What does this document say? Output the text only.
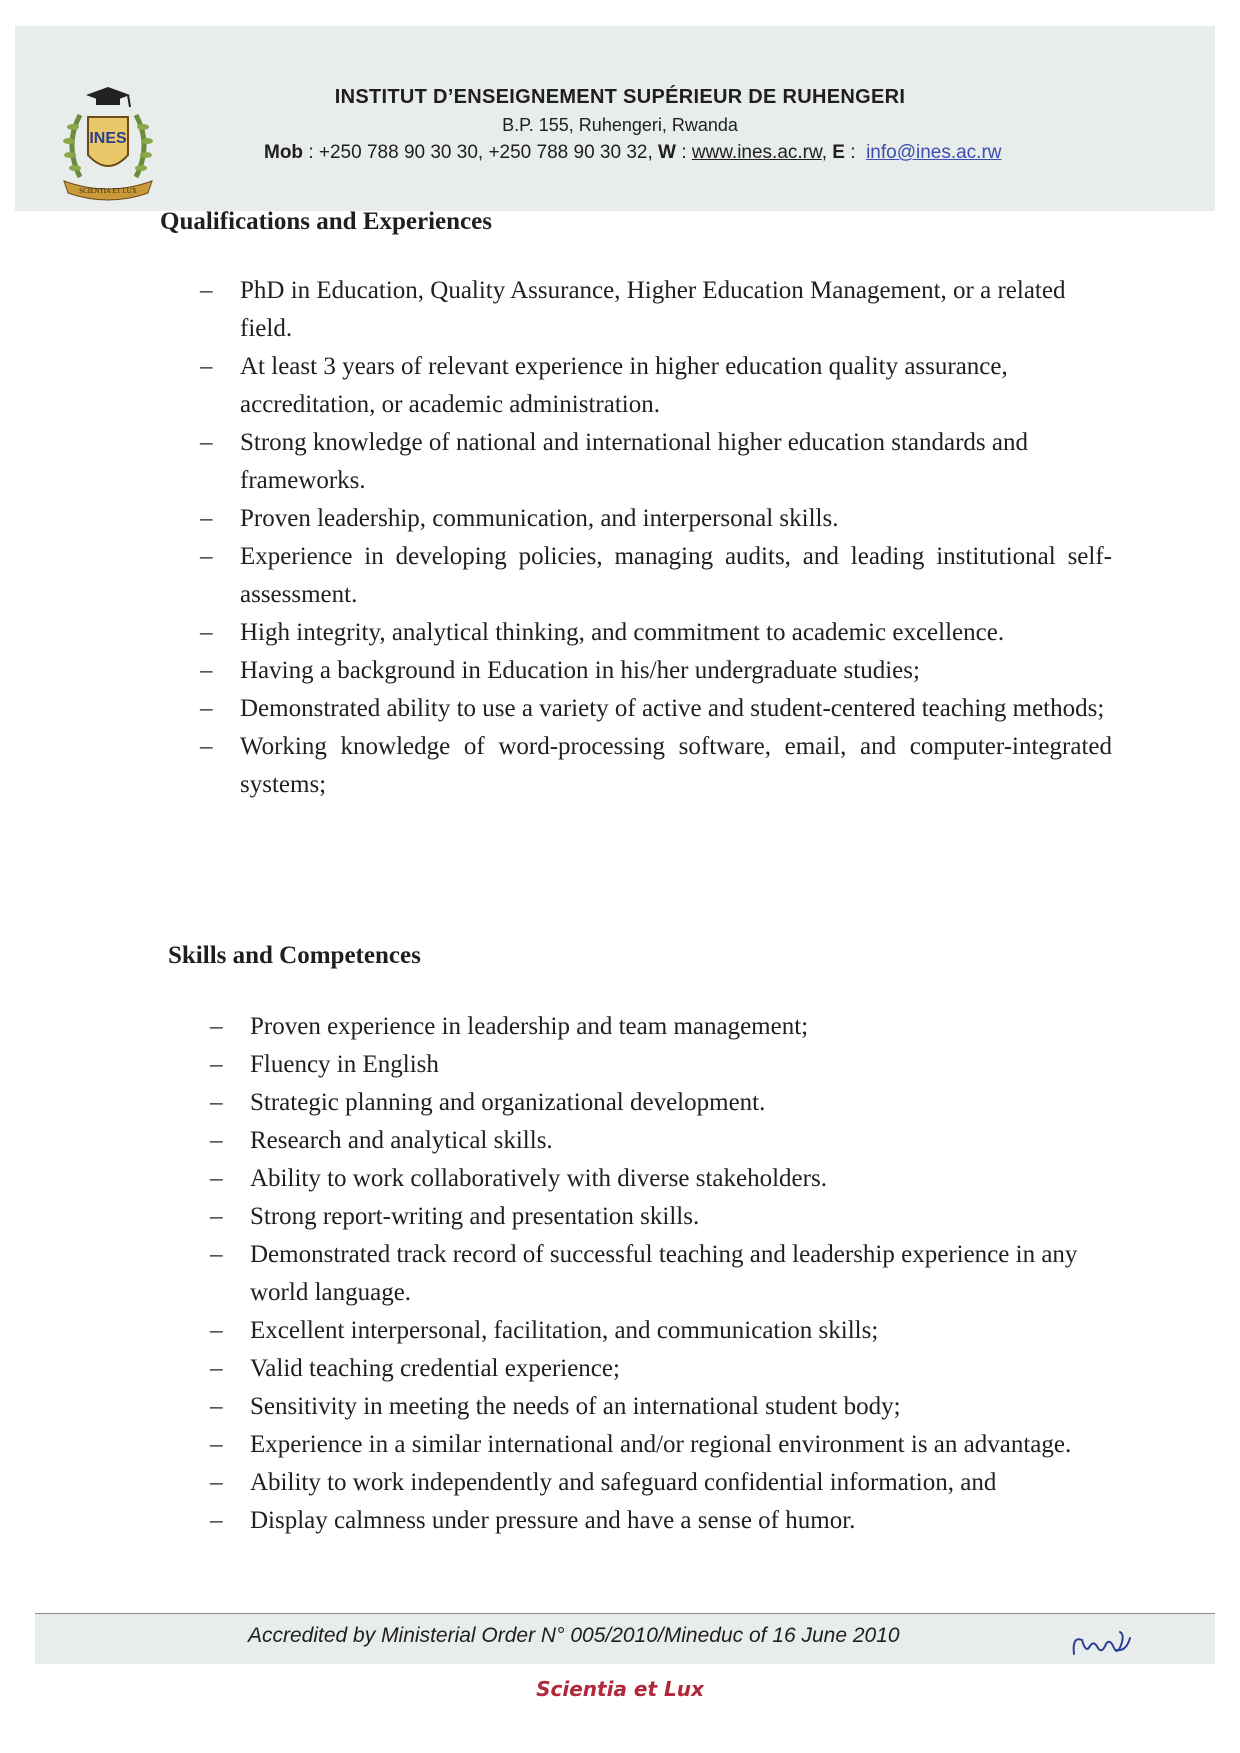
INES
SCIENTIA ET LUX
INSTITUT D’ENSEIGNEMENT SUPÉRIEUR DE RUHENGERI
B.P. 155, Ruhengeri, Rwanda
Mob : +250 788 90 30 30, +250 788 90 30 32, W : www.ines.ac.rw, E :  info@ines.ac.rw
Qualifications and Experiences
– PhD in Education, Quality Assurance, Higher Education Management, or a related field.
– At least 3 years of relevant experience in higher education quality assurance, accreditation, or academic administration.
– Strong knowledge of national and international higher education standards and frameworks.
– Proven leadership, communication, and interpersonal skills.
– Experience in developing policies, managing audits, and leading institutional self-assessment.
– High integrity, analytical thinking, and commitment to academic excellence.
– Having a background in Education in his/her undergraduate studies;
– Demonstrated ability to use a variety of active and student-centered teaching methods;
– Working knowledge of word-processing software, email, and computer-integrated systems;
Skills and Competences
– Proven experience in leadership and team management;
– Fluency in English
– Strategic planning and organizational development.
– Research and analytical skills.
– Ability to work collaboratively with diverse stakeholders.
– Strong report-writing and presentation skills.
– Demonstrated track record of successful teaching and leadership experience in any world language.
– Excellent interpersonal, facilitation, and communication skills;
– Valid teaching credential experience;
– Sensitivity in meeting the needs of an international student body;
– Experience in a similar international and/or regional environment is an advantage.
– Ability to work independently and safeguard confidential information, and
– Display calmness under pressure and have a sense of humor.
Accredited by Ministerial Order N° 005/2010/Mineduc of 16 June 2010
Scientia et Lux
